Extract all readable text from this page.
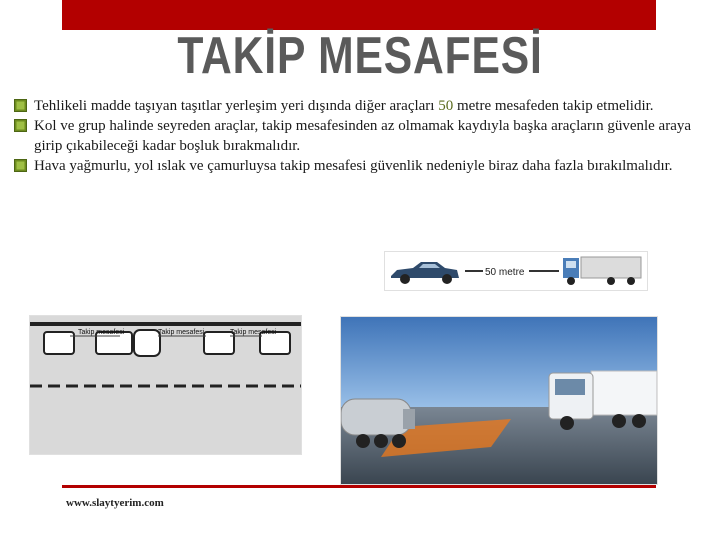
TAKİP MESAFESİ
Tehlikeli madde taşıyan taşıtlar yerleşim yeri dışında diğer araçları 50 metre mesafeden takip etmelidir.
Kol ve grup halinde seyreden araçlar, takip mesafesinden az olmamak kaydıyla başka araçların güvenle araya girip çıkabileceği kadar boşluk bırakmalıdır.
Hava yağmurlu, yol ıslak ve çamurluysa takip mesafesi güvenlik nedeniyle biraz daha fazla bırakılmalıdır.
50 metre
Takip mesafesi	Takip mesafesi	Takip mesafesi
www.slaytyerim.com
